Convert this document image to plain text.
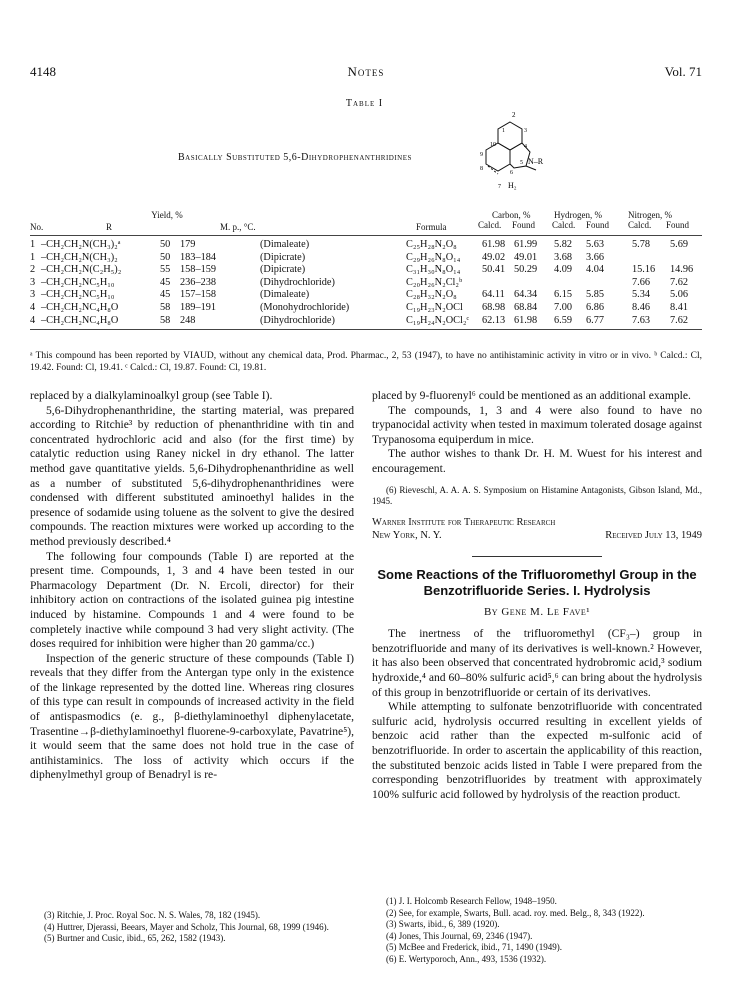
4148	Notes	Vol. 71
Table I
Basically Substituted 5,6-Dihydrophenanthridines
2
1	3
4
10
9
8
5
6
7
N–R
H₂
No.	R
Yield, %
M. p., °C.	Formula
Carbon, %
Calcd. Found
Hydrogen, %
Calcd. Found
Nitrogen, %
Calcd. Found
1 –CH₂CH₂N(CH₃)₂ᵃ	50 179	(Dimaleate)	C₂₅H₂₈N₂O₈ 61.98 61.99 5.82 5.63	5.78 5.69
1 –CH₂CH₂N(CH₃)₂	50 183–184	(Dipicrate)	C₂₉H₂₆N₈O₁₄ 49.02 49.01 3.68 3.66
2 –CH₂CH₂N(C₂H₅)₂	55 158–159	(Dipicrate)	C₃₁H₃₀N₈O₁₄ 50.41 50.29 4.09 4.04	15.16 14.96
3 –CH₂CH₂NC₅H₁₀	45 236–238	(Dihydrochloride)	C₂₀H₂₆N₂Cl₂ᵇ	7.66 7.62
3 –CH₂CH₂NC₅H₁₀	45 157–158	(Dimaleate)	C₂₈H₃₂N₂O₈ 64.11 64.34 6.15 5.85	5.34 5.06
4 –CH₂CH₂NC₄H₈O	58 189–191	(Monohydrochloride)	C₁₉H₂₃N₂OCl 68.98 68.84 7.00 6.86	8.46 8.41
4 –CH₂CH₂NC₄H₈O	58 248	(Dihydrochloride)	C₁₉H₂₄N₂OCl₂ᶜ 62.13 61.98 6.59 6.77	7.63 7.62
ᵃ This compound has been reported by VIAUD, without any chemical data, Prod. Pharmac., 2, 53 (1947), to have no antihistaminic activity in vitro or in vivo. ᵇ Calcd.: Cl, 19.42. Found: Cl, 19.41. ᶜ Calcd.: Cl, 19.87. Found: Cl, 19.81.

replaced by a dialkylaminoalkyl group (see Table I).

5,6-Dihydrophenanthridine, the starting material, was prepared according to Ritchie³ by reduction of phenanthridine with tin and concentrated hydrochloric acid and also (for the first time) by catalytic reduction using Raney nickel in dry ethanol. The latter method gave quantitative yields. 5,6-Dihydrophenanthridine as well as a number of substituted 5,6-dihydrophenanthridines were condensed with different substituted aminoethyl halides in the presence of sodamide using toluene as the solvent to give the desired compounds. The reaction mixtures were worked up according to the method previously described.⁴

The following four compounds (Table I) are reported at the present time. Compounds, 1, 3 and 4 have been tested in our Pharmacology Department (Dr. N. Ercoli, director) for their inhibitory action on contractions of the isolated guinea pig intestine induced by histamine. Compounds 1 and 4 were found to be completely inactive while compound 3 had very slight activity. (The doses required for inhibition were higher than 20 gamma/cc.)

Inspection of the generic structure of these compounds (Table I) reveals that they differ from the Antergan type only in the existence of the linkage represented by the dotted line. Whereas ring closures of this type can result in compounds of increased activity in the field of antispasmodics (e. g., β-diethylaminoethyl diphenylacetate, Trasentine→β-diethylaminoethyl fluorene-9-carboxylate, Pavatrine⁵), it would seem that the same does not hold true in the case of antihistaminics. The loss of activity which occurs if the diphenylmethyl group of Benadryl is re-

(3) Ritchie, J. Proc. Royal Soc. N. S. Wales, 78, 182 (1945).
(4) Huttrer, Djerassi, Beears, Mayer and Scholz, This Journal, 68, 1999 (1946).
(5) Burtner and Cusic, ibid., 65, 262, 1582 (1943).

placed by 9-fluorenyl⁶ could be mentioned as an additional example.

The compounds, 1, 3 and 4 were also found to have no trypanocidal activity when tested in maximum tolerated dosage against Trypanosoma equiperdum in mice.

The author wishes to thank Dr. H. M. Wuest for his interest and encouragement.

(6) Rieveschl, A. A. A. S. Symposium on Histamine Antagonists, Gibson Island, Md., 1945.
Warner Institute for Therapeutic Research
New York, N. Y.	Received July 13, 1949
Some Reactions of the Trifluoromethyl Group in the Benzotrifluoride Series. I. Hydrolysis
By Gene M. Le Fave¹

The inertness of the trifluoromethyl (CF₃–) group in benzotrifluoride and many of its derivatives is well-known.² However, it has also been observed that concentrated hydrobromic acid,³ sodium hydroxide,⁴ and 60–80% sulfuric acid⁵,⁶ can bring about the hydrolysis of this group in benzotrifluoride or certain of its derivatives.

While attempting to sulfonate benzotrifluoride with concentrated sulfuric acid, hydrolysis occurred resulting in excellent yields of benzoic acid rather than the expected m-sulfonic acid of benzotrifluoride. In order to ascertain the applicability of this reaction, the substituted benzoic acids listed in Table I were prepared from the corresponding benzotrifluorides by treatment with approximately 100% sulfuric acid followed by hydrolysis of the reaction product.

(1) J. I. Holcomb Research Fellow, 1948–1950.
(2) See, for example, Swarts, Bull. acad. roy. med. Belg., 8, 343 (1922).
(3) Swarts, ibid., 6, 389 (1920).
(4) Jones, This Journal, 69, 2346 (1947).
(5) McBee and Frederick, ibid., 71, 1490 (1949).
(6) E. Wertyporoch, Ann., 493, 1536 (1932).
